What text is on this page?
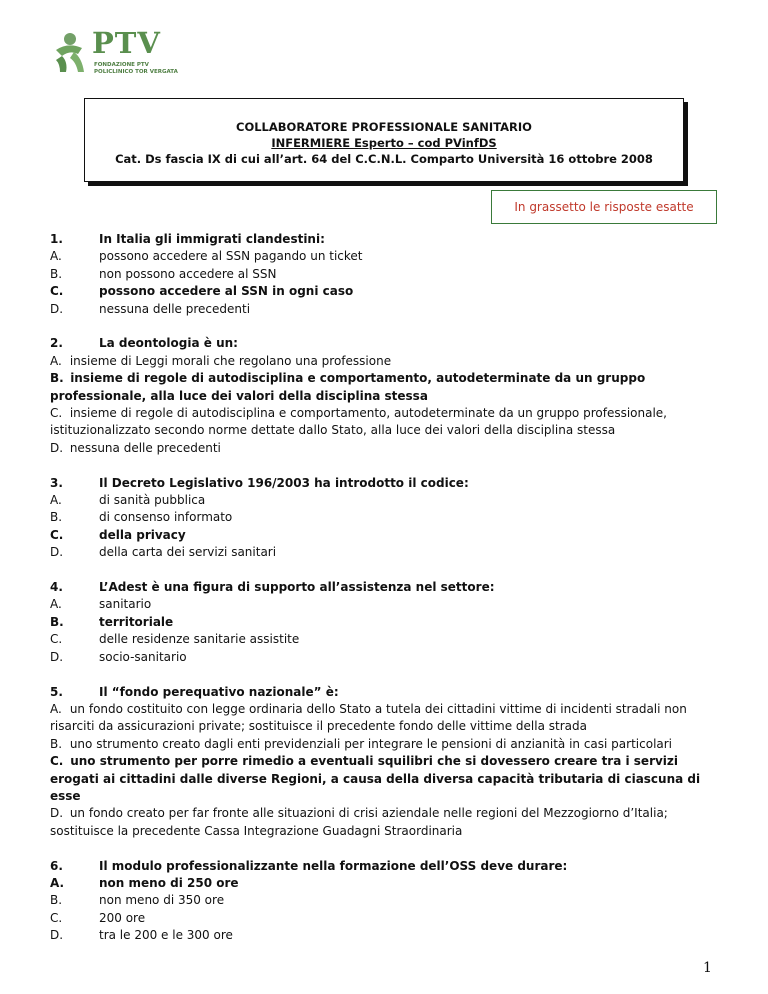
PTV
FONDAZIONE PTV
POLICLINICO TOR VERGATA
COLLABORATORE PROFESSIONALE SANITARIO
INFERMIERE Esperto – cod PVinfDS
Cat. Ds fascia IX di cui all’art. 64 del C.C.N.L. Comparto Università 16 ottobre 2008
In grassetto le risposte esatte
1.	In Italia gli immigrati clandestini:
A.	possono accedere al SSN pagando un ticket
B.	non possono accedere al SSN
C.	possono accedere al SSN in ogni caso
D.	nessuna delle precedenti
2.	La deontologia è un:
A. insieme di Leggi morali che regolano una professione
B. insieme di regole di autodisciplina e comportamento, autodeterminate da un gruppo professionale, alla luce dei valori della disciplina stessa
C. insieme di regole di autodisciplina e comportamento, autodeterminate da un gruppo professionale, istituzionalizzato secondo norme dettate dallo Stato, alla luce dei valori della disciplina stessa
D. nessuna delle precedenti
3.	Il Decreto Legislativo 196/2003 ha introdotto il codice:
A.	di sanità pubblica
B.	di consenso informato
C.	della privacy
D.	della carta dei servizi sanitari
4.	L’Adest è una figura di supporto all’assistenza nel settore:
A.	sanitario
B.	territoriale
C.	delle residenze sanitarie assistite
D.	socio-sanitario
5.	Il “fondo perequativo nazionale” è:
A. un fondo costituito con legge ordinaria dello Stato a tutela dei cittadini vittime di incidenti stradali non risarciti da assicurazioni private; sostituisce il precedente fondo delle vittime della strada
B. uno strumento creato dagli enti previdenziali per integrare le pensioni di anzianità in casi particolari
C. uno strumento per porre rimedio a eventuali squilibri che si dovessero creare tra i servizi erogati ai cittadini dalle diverse Regioni, a causa della diversa capacità tributaria di ciascuna di esse
D. un fondo creato per far fronte alle situazioni di crisi aziendale nelle regioni del Mezzogiorno d’Italia; sostituisce la precedente Cassa Integrazione Guadagni Straordinaria
6.	Il modulo professionalizzante nella formazione dell’OSS deve durare:
A.	non meno di 250 ore
B.	non meno di 350 ore
C.	200 ore
D.	tra le 200 e le 300 ore
1
